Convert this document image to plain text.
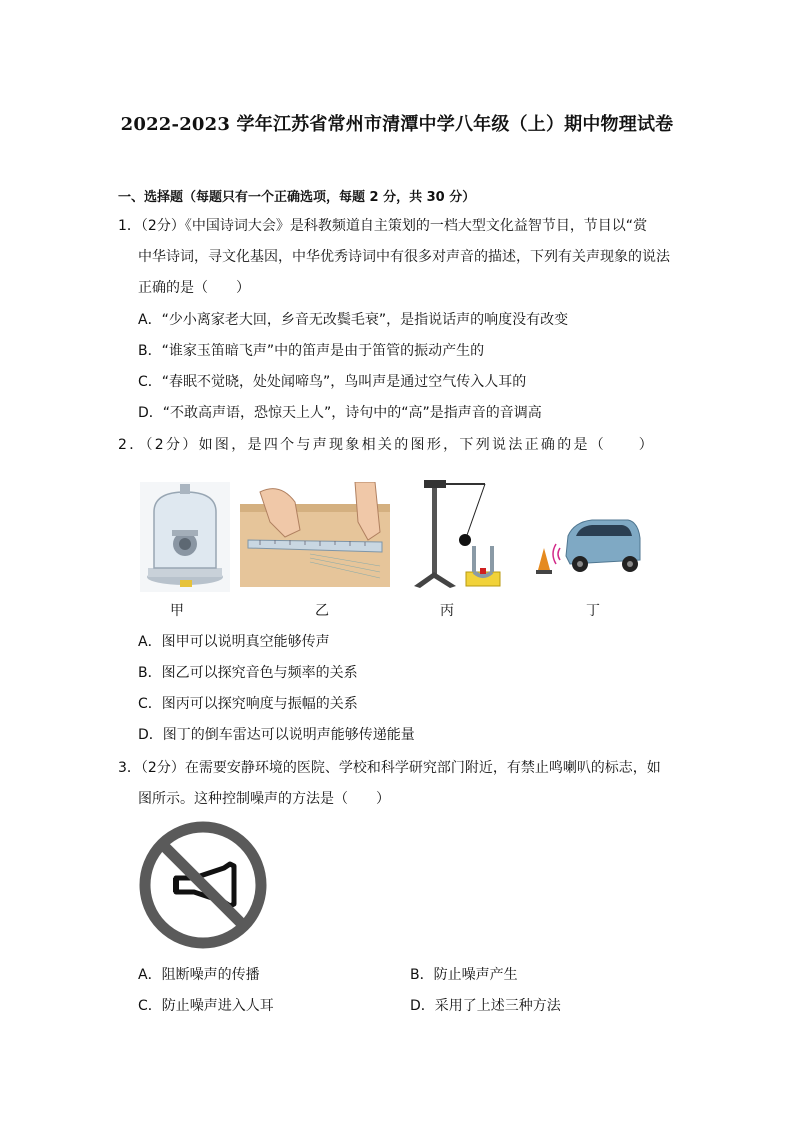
2022-2023 学年江苏省常州市清潭中学八年级（上）期中物理试卷
一、选择题（每题只有一个正确选项，每题 2 分，共 30 分）
1．（2分）《中国诗词大会》是科教频道自主策划的一档大型文化益智节目，节目以“赏
中华诗词，寻文化基因，中华优秀诗词中有很多对声音的描述，下列有关声现象的说法
正确的是（　　）
A．“少小离家老大回，乡音无改鬓毛衰”，是指说话声的响度没有改变
B．“谁家玉笛暗飞声”中的笛声是由于笛管的振动产生的
C．“春眠不觉晓，处处闻啼鸟”，鸟叫声是通过空气传入人耳的
D．“不敢高声语，恐惊天上人”，诗句中的“高”是指声音的音调高
2．（2分）如图，是四个与声现象相关的图形，下列说法正确的是（　　）
甲	乙	丙	丁
A．图甲可以说明真空能够传声
B．图乙可以探究音色与频率的关系
C．图丙可以探究响度与振幅的关系
D．图丁的倒车雷达可以说明声能够传递能量
3．（2分）在需要安静环境的医院、学校和科学研究部门附近，有禁止鸣喇叭的标志，如
图所示。这种控制噪声的方法是（　　）
A．阻断噪声的传播	B．防止噪声产生
C．防止噪声进入人耳	D．采用了上述三种方法
